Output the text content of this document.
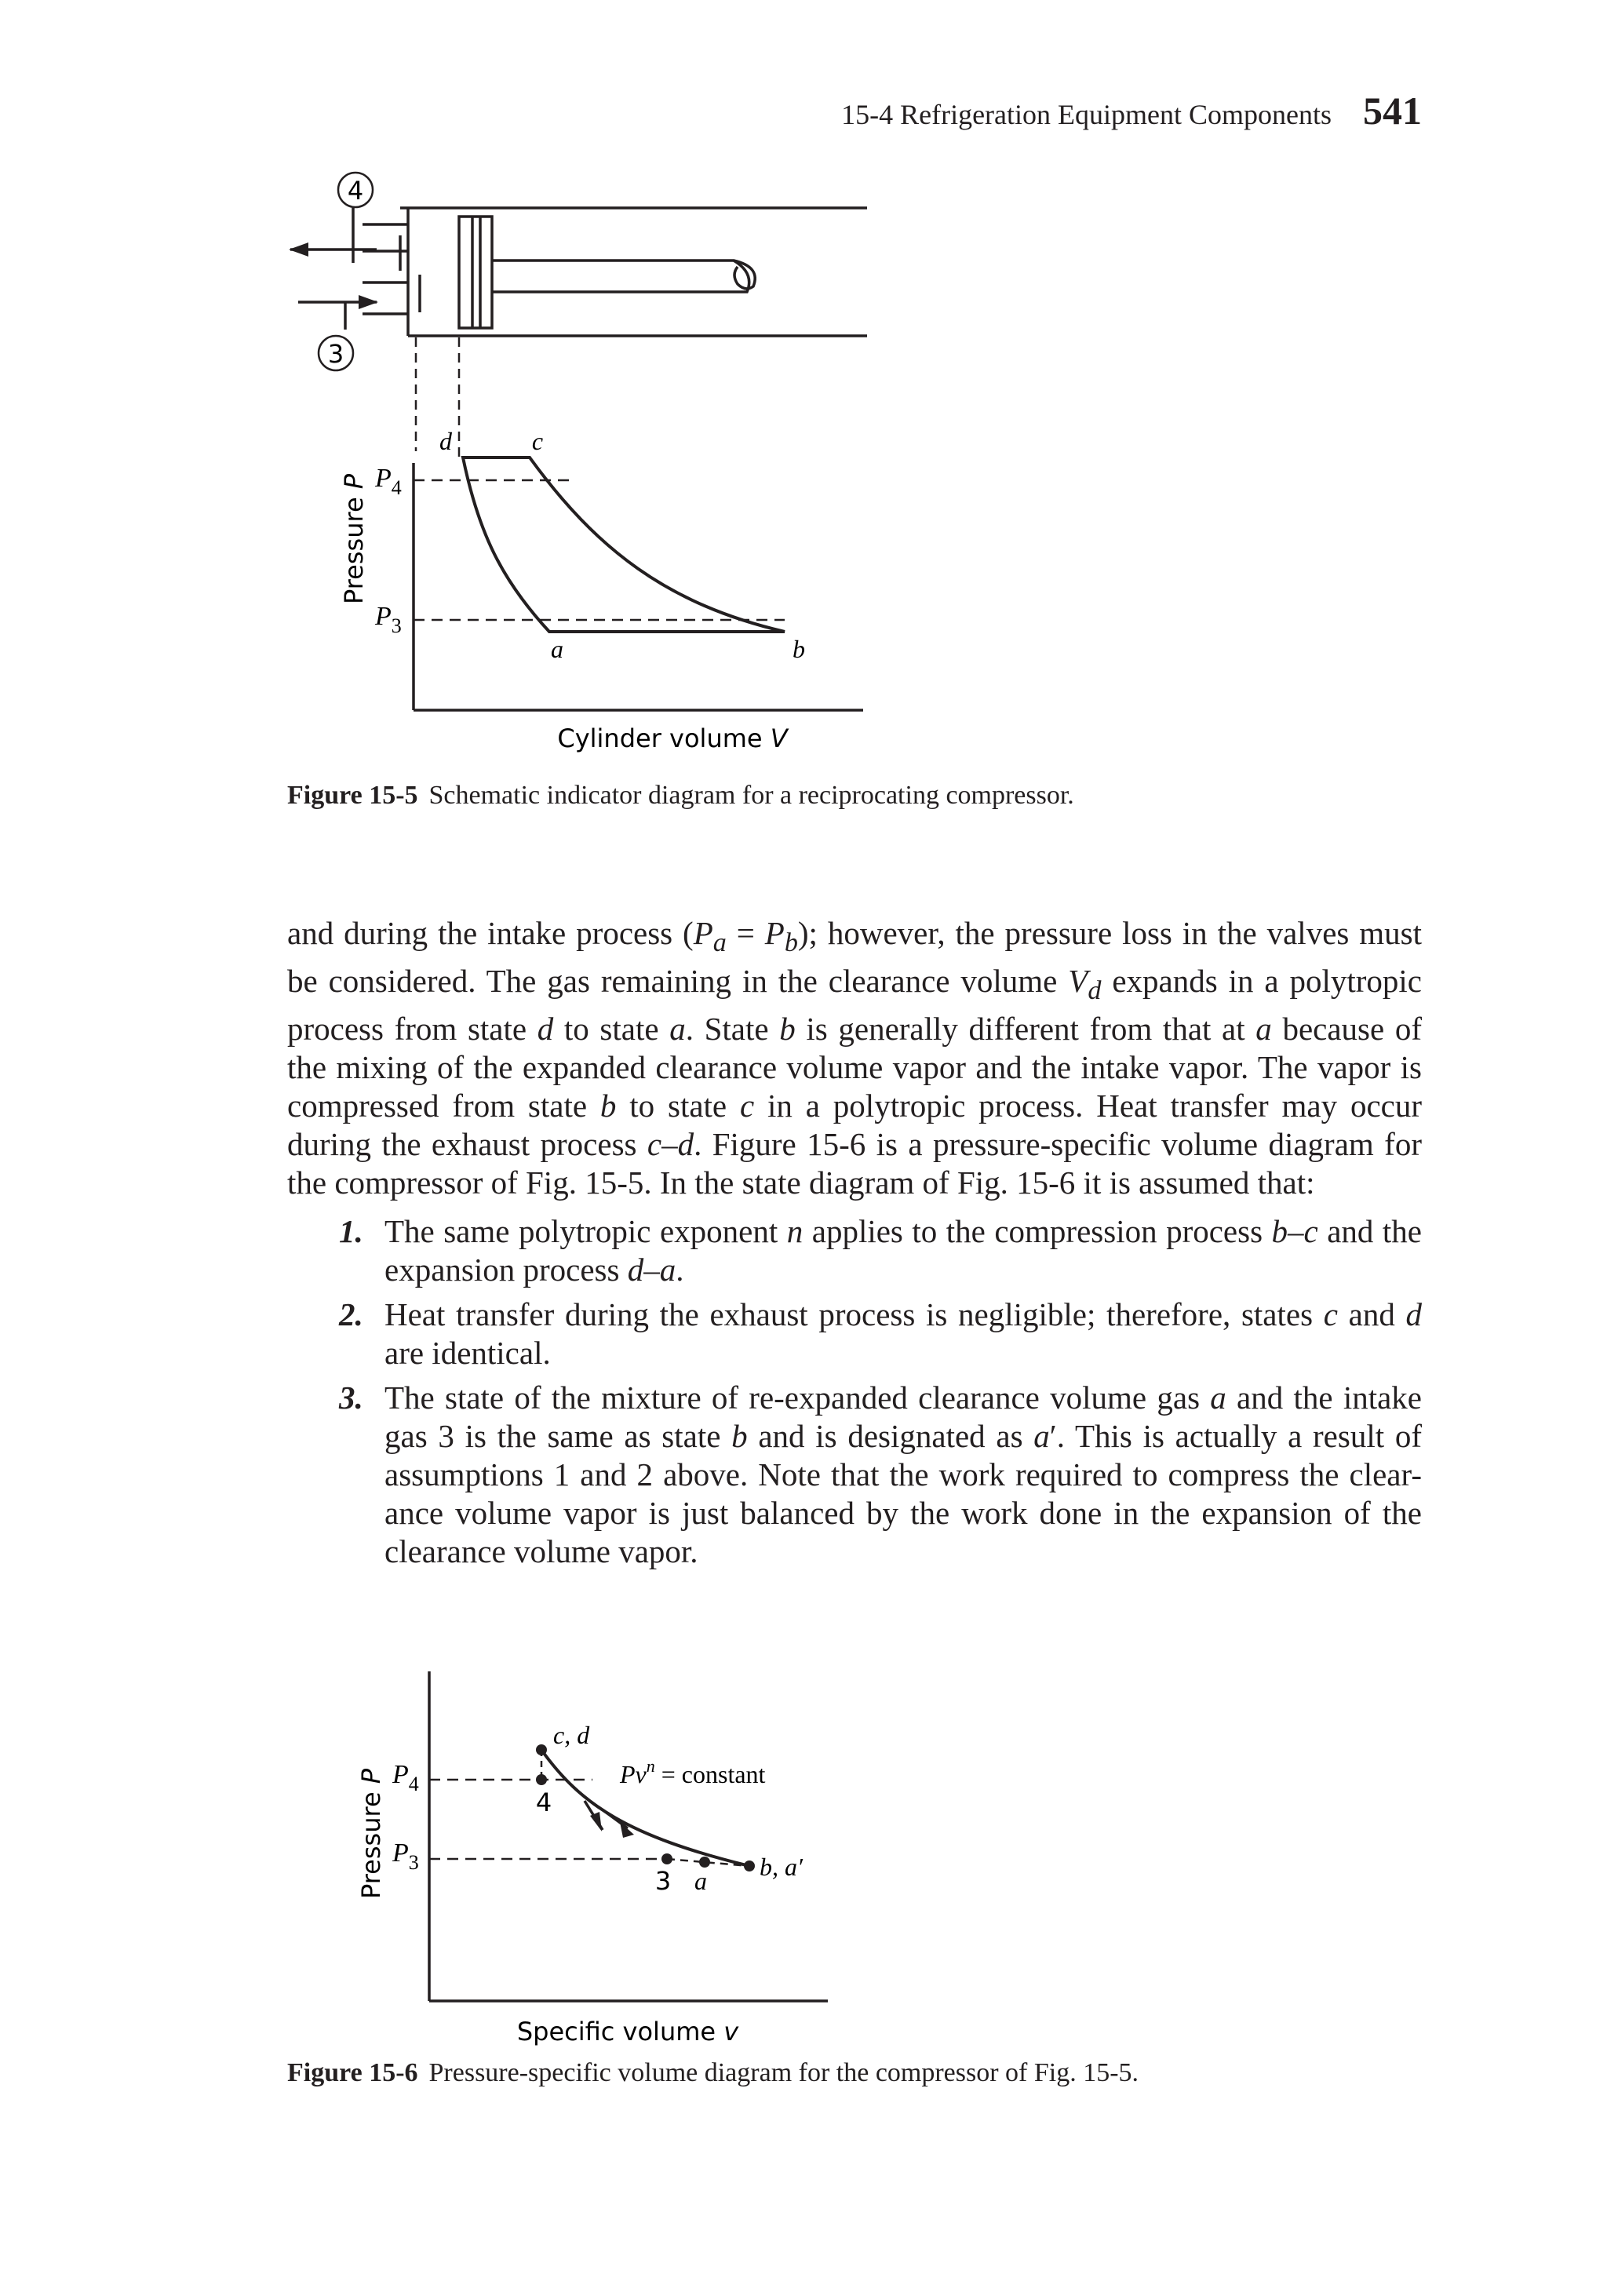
15-4 Refrigeration Equipment Components 541
4
3
d	c
a	b
$P_4$
$P_3$
Pressure P
Cylinder volume V
Figure 15-5 Schematic indicator diagram for a reciprocating compressor.

and during the intake process $(P_a = P_b)$; however, the pressure loss in the valves must be considered. The gas remaining in the clearance volume $V_d$ expands in a polytropic process from state d to state a. State b is generally different from that at a because of the mixing of the expanded clearance volume vapor and the intake vapor. The vapor is compressed from state b to state c in a polytropic process. Heat transfer may occur during the exhaust process c–d. Figure 15-6 is a pressure-specific volume diagram for the compressor of Fig. 15-5. In the state diagram of Fig. 15-6 it is assumed that:

1. The same polytropic exponent n applies to the compression process b–c and the expansion process d–a.
2. Heat transfer during the exhaust process is negligible; therefore, states c and d are identical.
3. The state of the mixture of re-expanded clearance volume gas a and the intake gas 3 is the same as state b and is designated as a′. This is actually a result of assumptions 1 and 2 above. Note that the work required to compress the clear-ance volume vapor is just balanced by the work done in the expansion of the clearance volume vapor.
c, d
4
3 a b, a′
$Pv^n$ = constant
$P_4$
$P_3$
Pressure P
Specific volume v
Figure 15-6 Pressure-specific volume diagram for the compressor of Fig. 15-5.
